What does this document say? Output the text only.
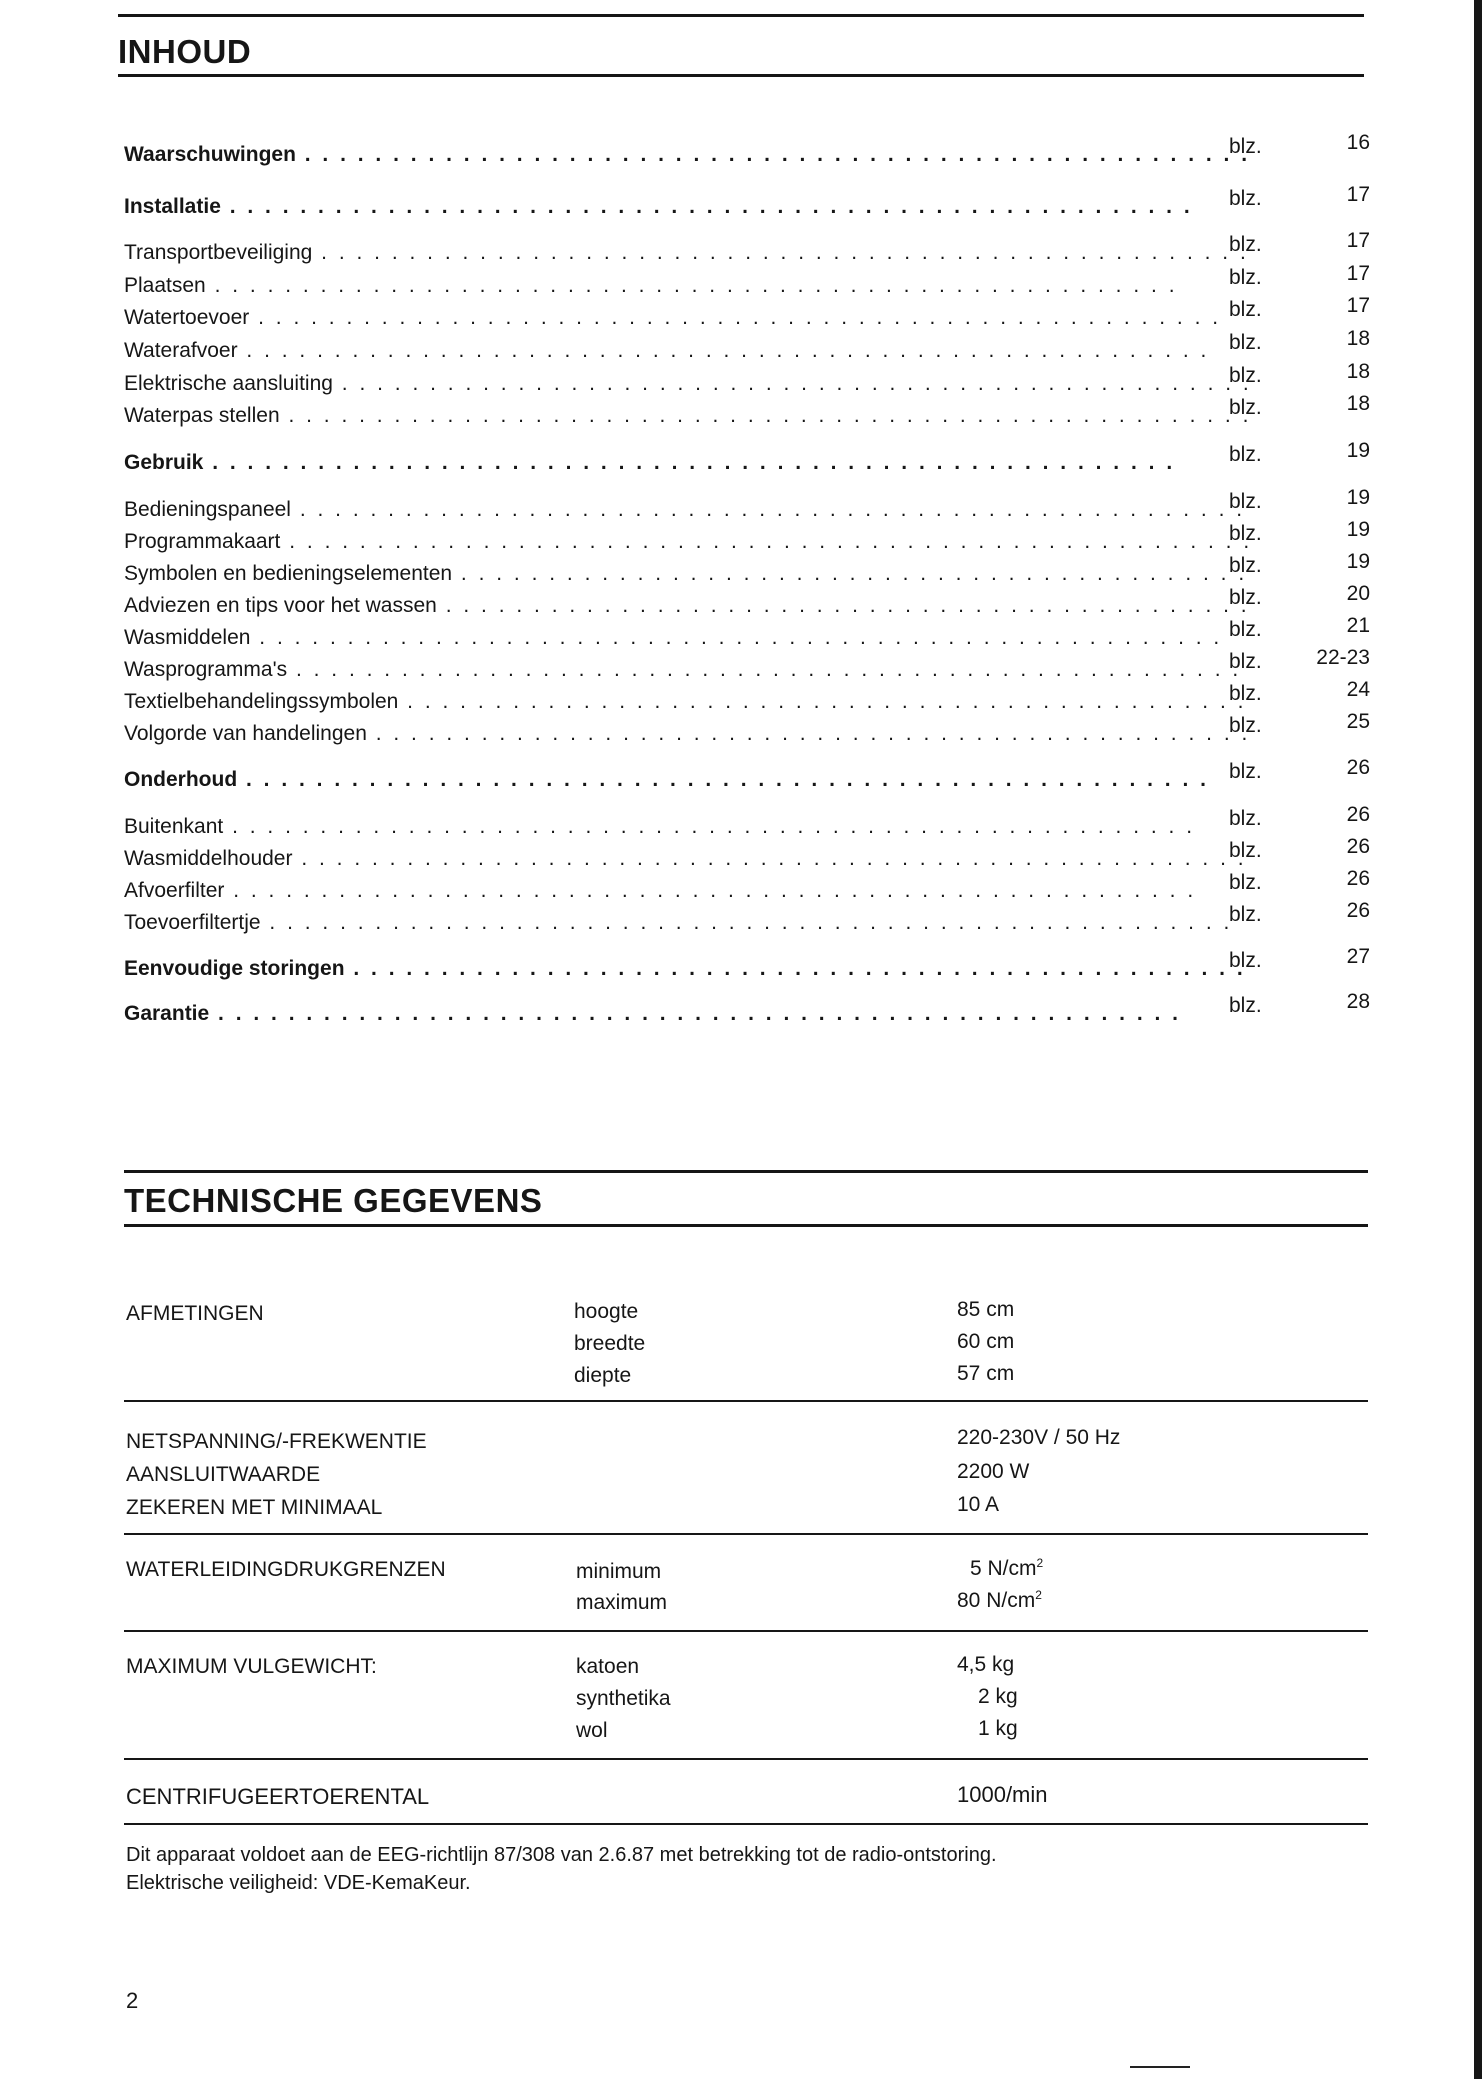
INHOUD
Waarschuwingen . .	blz.	16
Installatie . .	blz.	17
Transportbeveiliging . .	blz.	17
Plaatsen . .	blz.	17
Watertoevoer . .	blz.	17
Waterafvoer . .	blz.	18
Elektrische aansluiting . .	blz.	18
Waterpas stellen . .	blz.	18
Gebruik . .	blz.	19
Bedieningspaneel . .	blz.	19
Programmakaart . .	blz.	19
Symbolen en bedieningselementen . .	blz.	19
Adviezen en tips voor het wassen . .	blz.	20
Wasmiddelen . .	blz.	21
Wasprogramma's . .	blz.	22-23
Textielbehandelingssymbolen . .	blz.	24
Volgorde van handelingen . .	blz.	25
Onderhoud . .	blz.	26
Buitenkant . .	blz.	26
Wasmiddelhouder . .	blz.	26
Afvoerfilter . .	blz.	26
Toevoerfiltertje . .	blz.	26
Eenvoudige storingen . .	blz.	27
Garantie . .	blz.	28
TECHNISCHE GEGEVENS
AFMETINGEN	hoogte	85 cm
breedte	60 cm
diepte	57 cm
NETSPANNING/-FREKWENTIE	220-230V / 50 Hz
AANSLUITWAARDE	2200 W
ZEKEREN MET MINIMAAL	10 A
WATERLEIDINGDRUKGRENZEN	minimum	5 $N/cm^2$
maximum	80 $N/cm^2$
MAXIMUM VULGEWICHT:	katoen	4,5 kg
synthetika	2 kg
wol	1 kg
CENTRIFUGEERTOERENTAL	1000/min
Dit apparaat voldoet aan de EEG-richtlijn 87/308 van 2.6.87 met betrekking tot de radio-ontstoring.
Elektrische veiligheid: VDE-KemaKeur.
2
